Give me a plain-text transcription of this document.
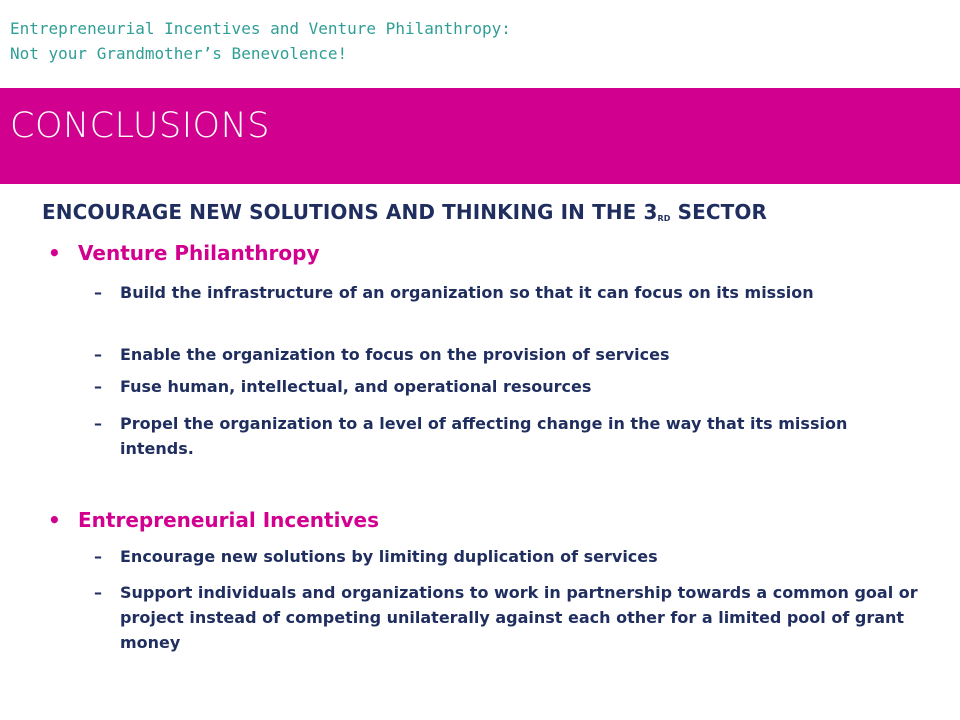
Entrepreneurial Incentives and Venture Philanthropy:
Not your Grandmother’s Benevolence!
CONCLUSIONS
ENCOURAGE NEW SOLUTIONS AND THINKING IN THE $3_{RD}$ SECTOR
• Venture Philanthropy
– Build the infrastructure of an organization so that it can focus on its mission
– Enable the organization to focus on the provision of services
– Fuse human, intellectual, and operational resources
– Propel the organization to a level of affecting change in the way that its mission intends.
• Entrepreneurial Incentives
– Encourage new solutions by limiting duplication of services
– Support individuals and organizations to work in partnership towards a common goal or project instead of competing unilaterally against each other for a limited pool of grant money
